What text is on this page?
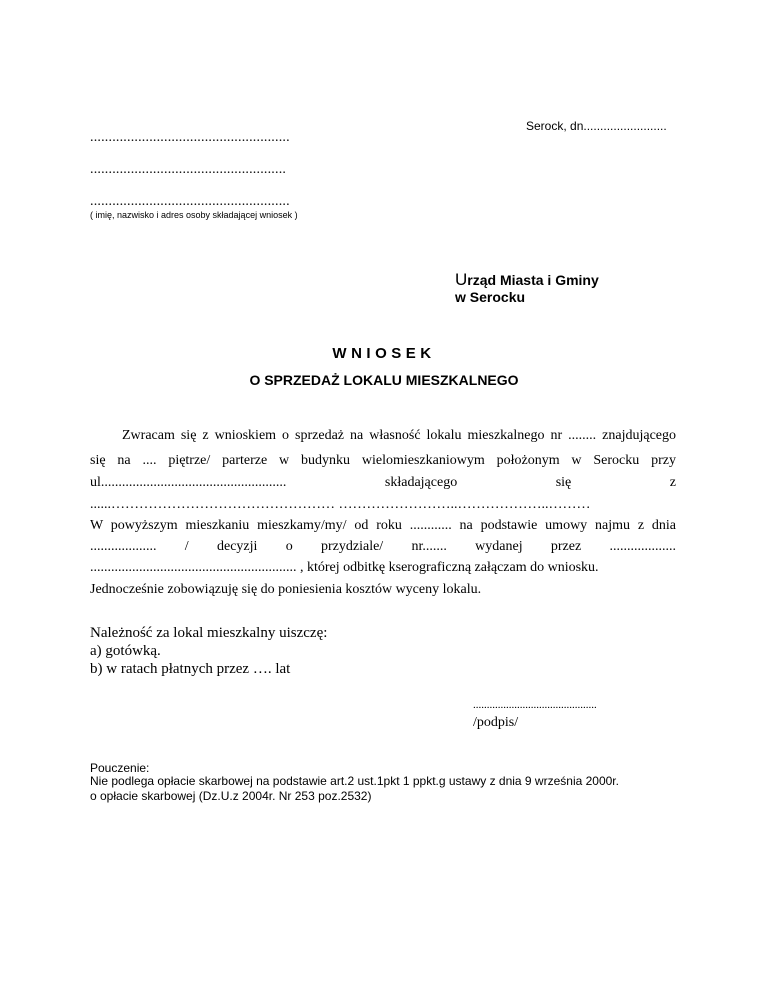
Serock, dn.........................
......................................................
.....................................................
......................................................
( imię, nazwisko i adres osoby składającej wniosek )
Urząd Miasta i Gminy
w Serocku
WNIOSEK
O SPRZEDAŻ LOKALU MIESZKALNEGO
Zwracam się z wnioskiem o sprzedaż na własność lokalu mieszkalnego nr ........ znajdującego
się na .... piętrze/ parterze w budynku wielomieszkaniowym położonym w Serocku przy
ul..................................................... składającego się z
......………………………………………… ……………………..………………..………
W powyższym mieszkaniu mieszkamy/my/ od roku ............ na podstawie umowy najmu z dnia
................... / decyzji o przydziale/ nr....... wydanej przez ...................
........................................................... , której odbitkę kserograficzną załączam do wniosku.
Jednocześnie zobowiązuję się do poniesienia kosztów wyceny lokalu.
Należność za lokal mieszkalny uiszczę:
a) gotówką.
b) w ratach płatnych przez …. lat
.............................................
/podpis/
Pouczenie:
Nie podlega opłacie skarbowej na podstawie art.2 ust.1pkt 1 ppkt.g ustawy z dnia 9 września 2000r.
o opłacie skarbowej (Dz.U.z 2004r. Nr 253 poz.2532)
